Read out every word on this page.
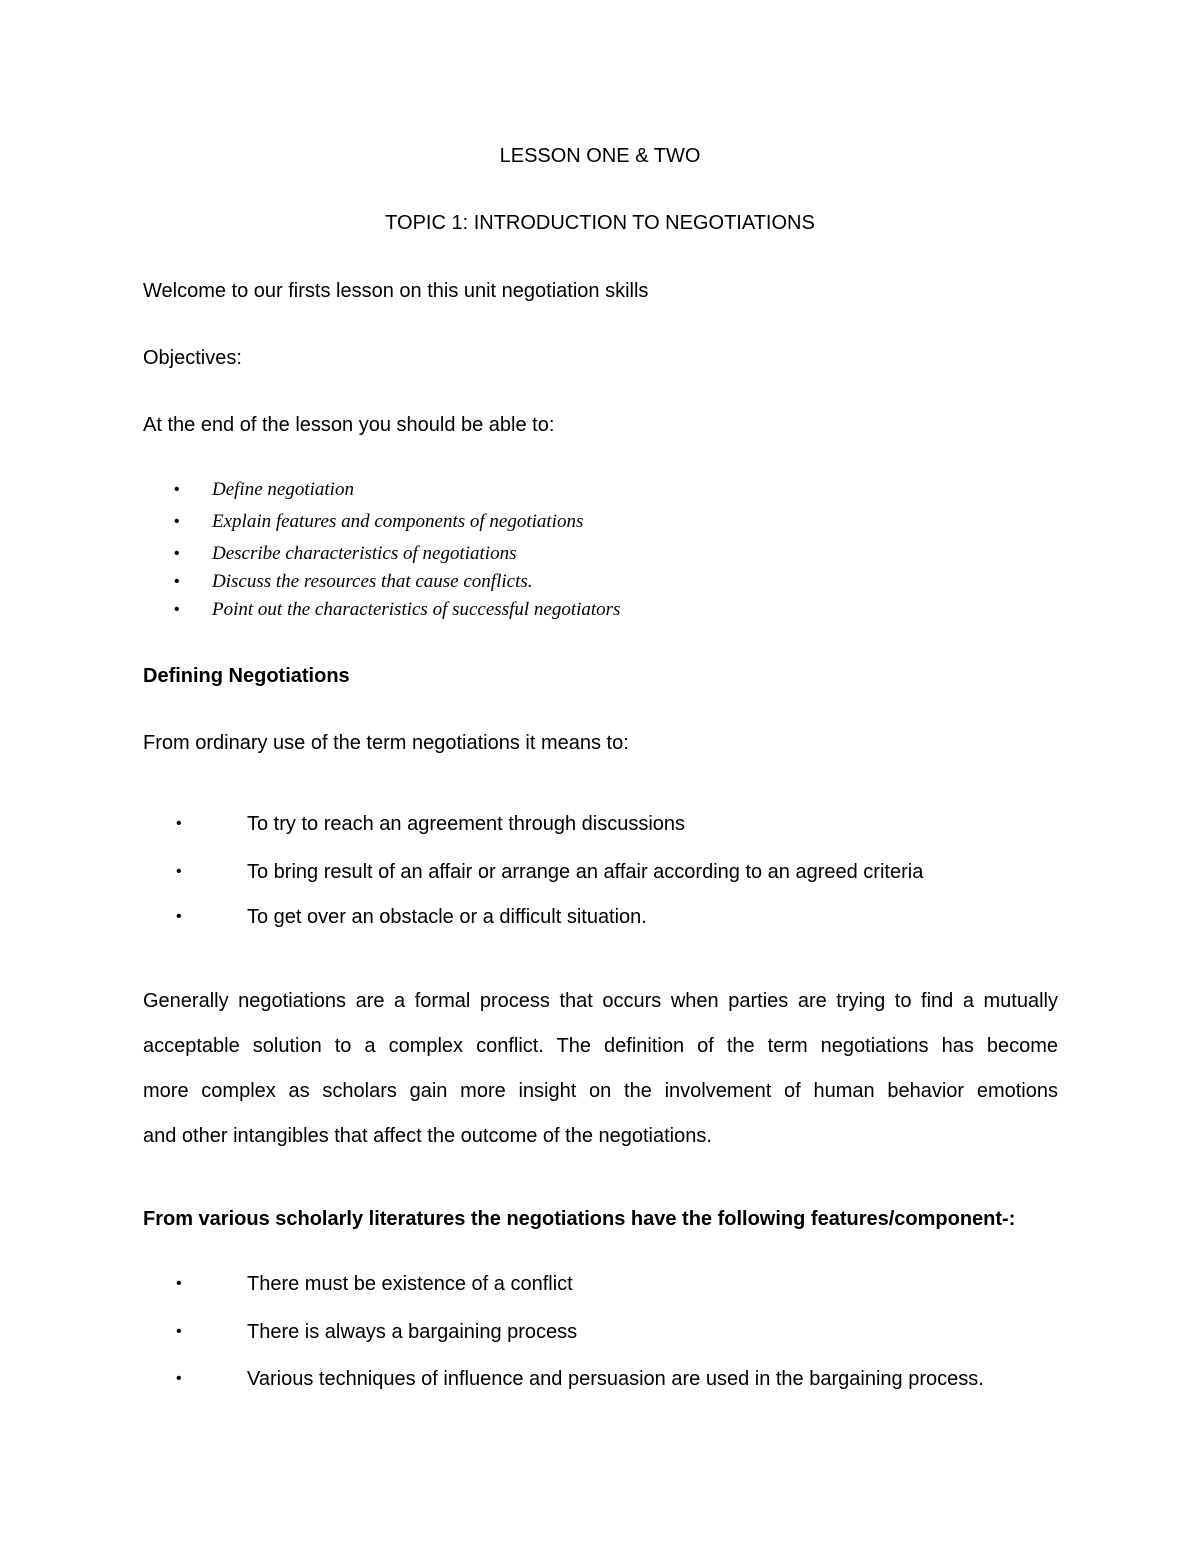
LESSON ONE & TWO
TOPIC 1: INTRODUCTION TO NEGOTIATIONS
Welcome to our firsts lesson on this unit negotiation skills
Objectives:
At the end of the lesson you should be able to:
• Define negotiation
• Explain features and components of negotiations
• Describe characteristics of negotiations
• Discuss the resources that cause conflicts.
• Point out the characteristics of successful negotiators
Defining Negotiations
From ordinary use of the term negotiations it means to:
•	To try to reach an agreement through discussions
•	To bring result of an affair or arrange an affair according to an agreed criteria
•	To get over an obstacle or a difficult situation.
Generally negotiations are a formal process that occurs when parties are trying to find a mutually
acceptable solution to a complex conflict. The definition of the term negotiations has become
more complex as scholars gain more insight on the involvement of human behavior emotions
and other intangibles that affect the outcome of the negotiations.
From various scholarly literatures the negotiations have the following features/component-:
•	There must be existence of a conflict
•	There is always a bargaining process
•	Various techniques of influence and persuasion are used in the bargaining process.
